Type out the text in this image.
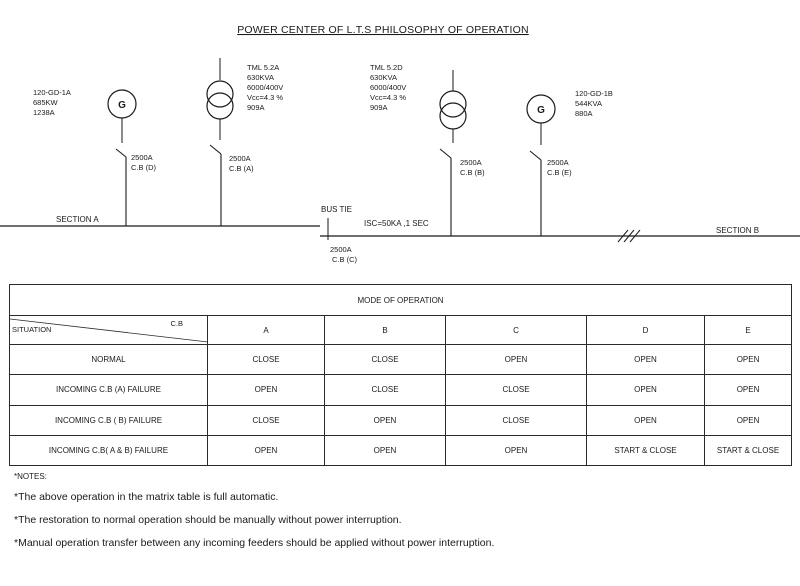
POWER CENTER OF L.T.S PHILOSOPHY OF OPERATION
120-GD-1A
685KW
1238A
G
2500A
C.B (D)
TML 5.2A
630KVA
6000/400V
Vcc=4.3 %
909A
2500A
C.B (A)
TML 5.2D
630KVA
6000/400V
Vcc=4.3 %
909A
2500A
C.B (B)
G
120-GD-1B
544KVA
880A
2500A
C.B (E)
SECTION A
SECTION B
BUS TIE
ISC=50KA ,1 SEC
2500A
C.B (C)
MODE OF OPERATION					

SITUATION
C.B	A	B	C	D	E
NORMAL	CLOSE	CLOSE	OPEN	OPEN	OPEN
INCOMING C.B (A) FAILURE	OPEN	CLOSE	CLOSE	OPEN	OPEN
INCOMING C.B ( B) FAILURE	CLOSE	OPEN	CLOSE	OPEN	OPEN
INCOMING C.B( A & B) FAILURE	OPEN	OPEN	OPEN	START & CLOSE	START & CLOSE
*NOTES:
*The above operation in the matrix table is full automatic.
*The restoration to normal operation should be manually without power interruption.
*Manual operation transfer between any incoming feeders should be applied without power interruption.
